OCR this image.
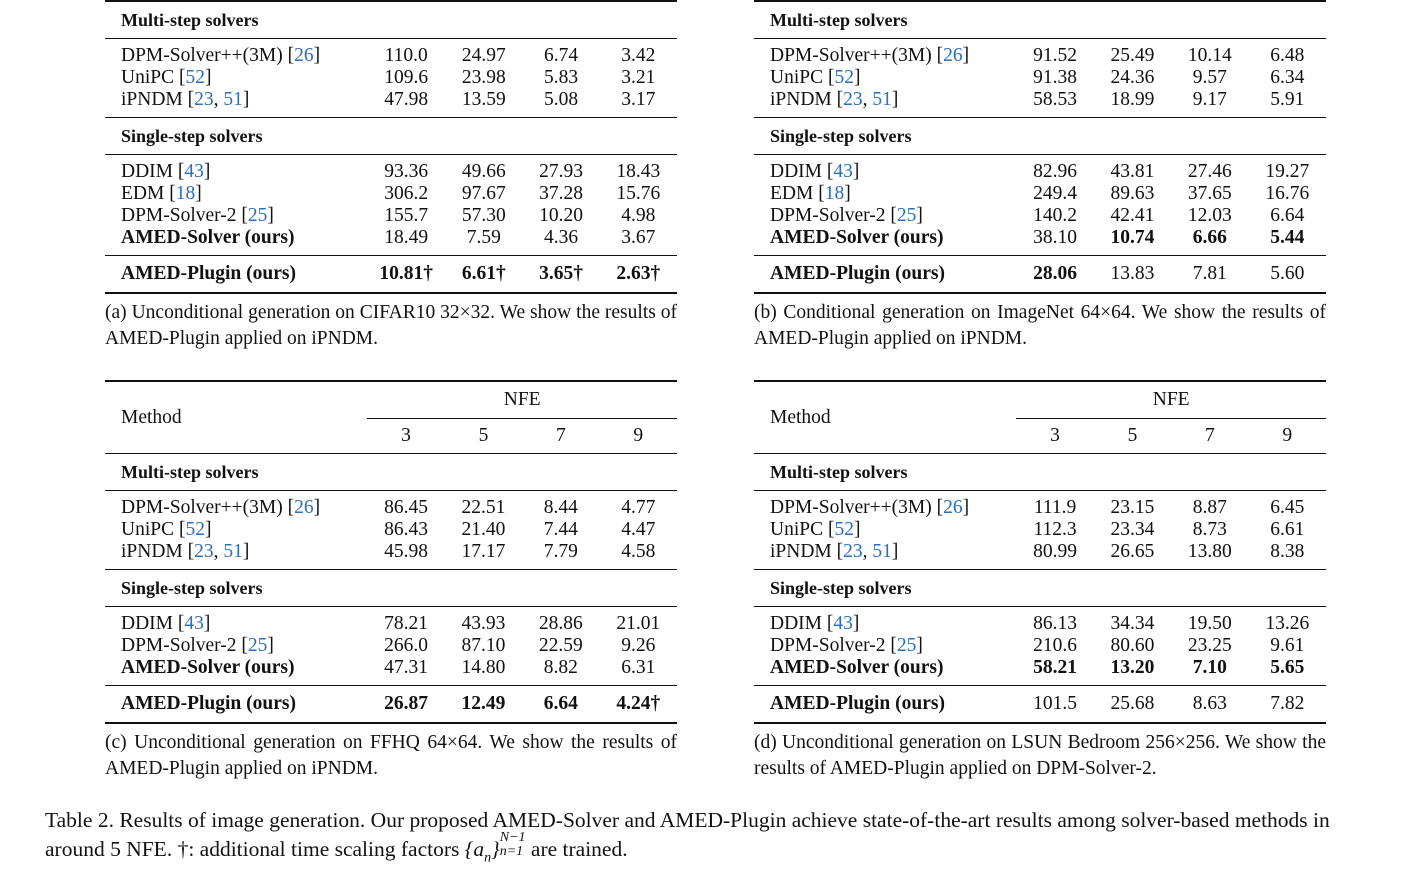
Multi-step solvers				
DPM-Solver++(3M) [26]	110.0	24.97	6.74	3.42
UniPC [52]	109.6	23.98	5.83	3.21
iPNDM [23, 51]	47.98	13.59	5.08	3.17
Single-step solvers				
DDIM [43]	93.36	49.66	27.93	18.43
EDM [18]	306.2	97.67	37.28	15.76
DPM-Solver-2 [25]	155.7	57.30	10.20	4.98
AMED-Solver (ours)	18.49	7.59	4.36	3.67
AMED-Plugin (ours)	10.81†	6.61†	3.65†	2.63†
(a) Unconditional generation on CIFAR10 32×32. We show the results of AMED-Plugin applied on iPNDM.
Multi-step solvers				
DPM-Solver++(3M) [26]	91.52	25.49	10.14	6.48
UniPC [52]	91.38	24.36	9.57	6.34
iPNDM [23, 51]	58.53	18.99	9.17	5.91
Single-step solvers				
DDIM [43]	82.96	43.81	27.46	19.27
EDM [18]	249.4	89.63	37.65	16.76
DPM-Solver-2 [25]	140.2	42.41	12.03	6.64
AMED-Solver (ours)	38.10	10.74	6.66	5.44
AMED-Plugin (ours)	28.06	13.83	7.81	5.60
(b) Conditional generation on ImageNet 64×64. We show the results of AMED-Plugin applied on iPNDM.
Method	NFE			
	3	5	7	9
Multi-step solvers				
DPM-Solver++(3M) [26]	86.45	22.51	8.44	4.77
UniPC [52]	86.43	21.40	7.44	4.47
iPNDM [23, 51]	45.98	17.17	7.79	4.58
Single-step solvers				
DDIM [43]	78.21	43.93	28.86	21.01
DPM-Solver-2 [25]	266.0	87.10	22.59	9.26
AMED-Solver (ours)	47.31	14.80	8.82	6.31
AMED-Plugin (ours)	26.87	12.49	6.64	4.24†
(c) Unconditional generation on FFHQ 64×64. We show the results of AMED-Plugin applied on iPNDM.
Method	NFE			
	3	5	7	9
Multi-step solvers				
DPM-Solver++(3M) [26]	111.9	23.15	8.87	6.45
UniPC [52]	112.3	23.34	8.73	6.61
iPNDM [23, 51]	80.99	26.65	13.80	8.38
Single-step solvers				
DDIM [43]	86.13	34.34	19.50	13.26
DPM-Solver-2 [25]	210.6	80.60	23.25	9.61
AMED-Solver (ours)	58.21	13.20	7.10	5.65
AMED-Plugin (ours)	101.5	25.68	8.63	7.82
(d) Unconditional generation on LSUN Bedroom 256×256. We show the results of AMED-Plugin applied on DPM-Solver-2.
Table 2. Results of image generation. Our proposed AMED-Solver and AMED-Plugin achieve state-of-the-art results among solver-based methods in around 5 NFE. †: additional time scaling factors $\{a_n\}$ N−1
n=1 are trained.
